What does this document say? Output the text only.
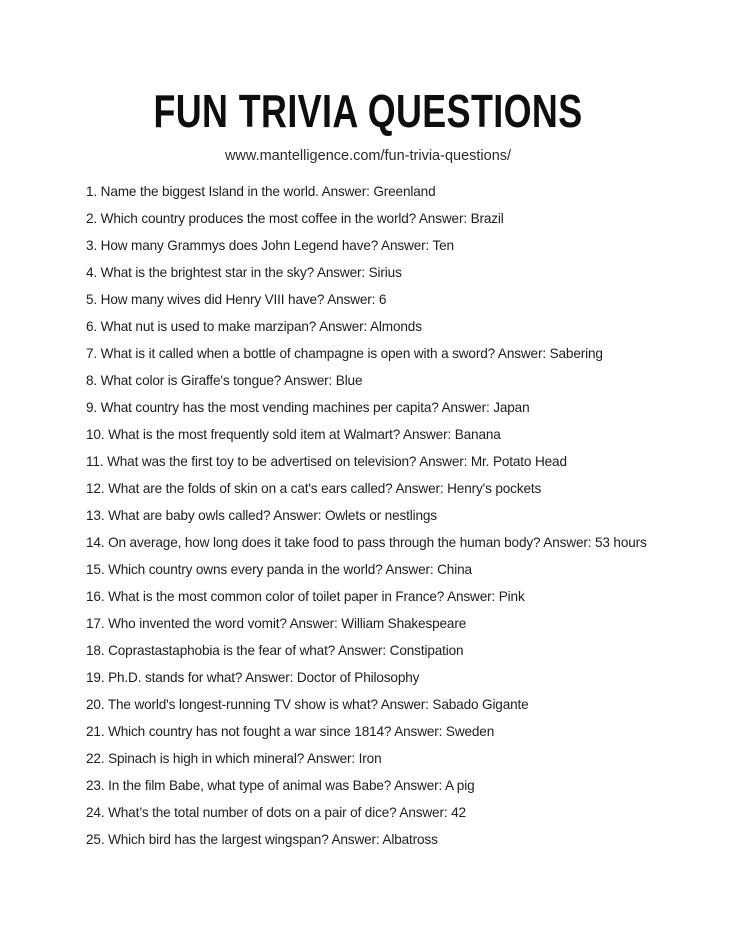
FUN TRIVIA QUESTIONS
www.mantelligence.com/fun-trivia-questions/
1. Name the biggest Island in the world. Answer: Greenland
2. Which country produces the most coffee in the world? Answer: Brazil
3. How many Grammys does John Legend have? Answer: Ten
4. What is the brightest star in the sky? Answer: Sirius
5. How many wives did Henry VIII have? Answer: 6
6. What nut is used to make marzipan? Answer: Almonds
7. What is it called when a bottle of champagne is open with a sword? Answer: Sabering
8. What color is Giraffe's tongue? Answer: Blue
9. What country has the most vending machines per capita? Answer: Japan
10. What is the most frequently sold item at Walmart? Answer: Banana
11. What was the first toy to be advertised on television? Answer: Mr. Potato Head
12. What are the folds of skin on a cat's ears called? Answer: Henry's pockets
13. What are baby owls called? Answer: Owlets or nestlings
14. On average, how long does it take food to pass through the human body? Answer: 53 hours
15. Which country owns every panda in the world? Answer: China
16. What is the most common color of toilet paper in France? Answer: Pink
17. Who invented the word vomit? Answer: William Shakespeare
18. Coprastastaphobia is the fear of what? Answer: Constipation
19. Ph.D. stands for what? Answer: Doctor of Philosophy
20. The world's longest-running TV show is what? Answer: Sabado Gigante
21. Which country has not fought a war since 1814? Answer: Sweden
22. Spinach is high in which mineral? Answer: Iron
23. In the film Babe, what type of animal was Babe? Answer: A pig
24. What’s the total number of dots on a pair of dice? Answer: 42
25. Which bird has the largest wingspan? Answer: Albatross
